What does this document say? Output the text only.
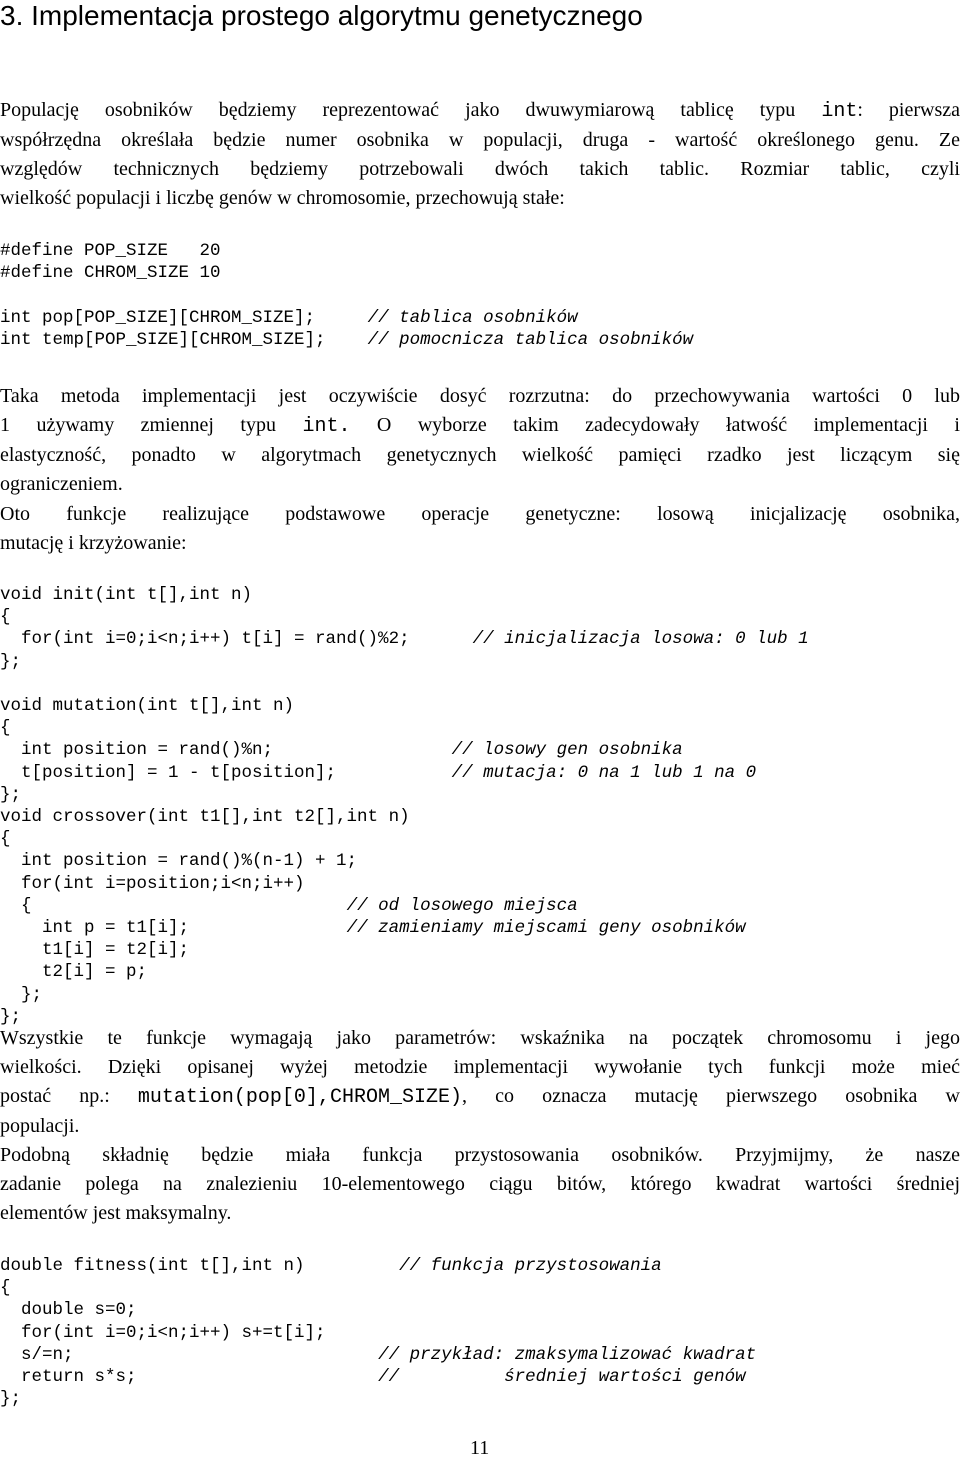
3. Implementacja prostego algorytmu genetycznego
Populację osobników będziemy reprezentować jako dwuwymiarową tablicę typu int: pierwsza
współrzędna określała będzie numer osobnika w populacji, druga - wartość określonego genu. Ze
względów technicznych będziemy potrzebowali dwóch takich tablic. Rozmiar tablic, czyli
wielkość populacji i liczbę genów w chromosomie, przechowują stałe:
#define POP_SIZE   20
#define CHROM_SIZE 10

int pop[POP_SIZE][CHROM_SIZE];     // tablica osobników
int temp[POP_SIZE][CHROM_SIZE];    // pomocnicza tablica osobników
Taka metoda implementacji jest oczywiście dosyć rozrzutna: do przechowywania wartości 0 lub
1 używamy zmiennej typu int. O wyborze takim zadecydowały łatwość implementacji i
elastyczność, ponadto w algorytmach genetycznych wielkość pamięci rzadko jest liczącym się
ograniczeniem.
Oto funkcje realizujące podstawowe operacje genetyczne: losową inicjalizację osobnika,
mutację i krzyżowanie:
void init(int t[],int n)
{
for(int i=0;i<n;i++) t[i] = rand()%2;      // inicjalizacja losowa: 0 lub 1
};

void mutation(int t[],int n)
{
int position = rand()%n;                 // losowy gen osobnika
t[position] = 1 - t[position];           // mutacja: 0 na 1 lub 1 na 0
};
void crossover(int t1[],int t2[],int n)
{
int position = rand()%(n-1) + 1;
for(int i=position;i<n;i++)
{                              // od losowego miejsca
int p = t1[i];               // zamieniamy miejscami geny osobników
t1[i] = t2[i];
t2[i] = p;
};
};
Wszystkie te funkcje wymagają jako parametrów: wskaźnika na początek chromosomu i jego
wielkości. Dzięki opisanej wyżej metodzie implementacji wywołanie tych funkcji może mieć
postać np.: mutation(pop[0],CHROM_SIZE), co oznacza mutację pierwszego osobnika w
populacji.
Podobną składnię będzie miała funkcja przystosowania osobników. Przyjmijmy, że nasze
zadanie polega na znalezieniu 10-elementowego ciągu bitów, którego kwadrat wartości średniej
elementów jest maksymalny.
double fitness(int t[],int n)         // funkcja przystosowania
{
double s=0;
for(int i=0;i<n;i++) s+=t[i];
s/=n;                             // przykład: zmaksymalizować kwadrat
return s*s;                       //          średniej wartości genów
};
11
